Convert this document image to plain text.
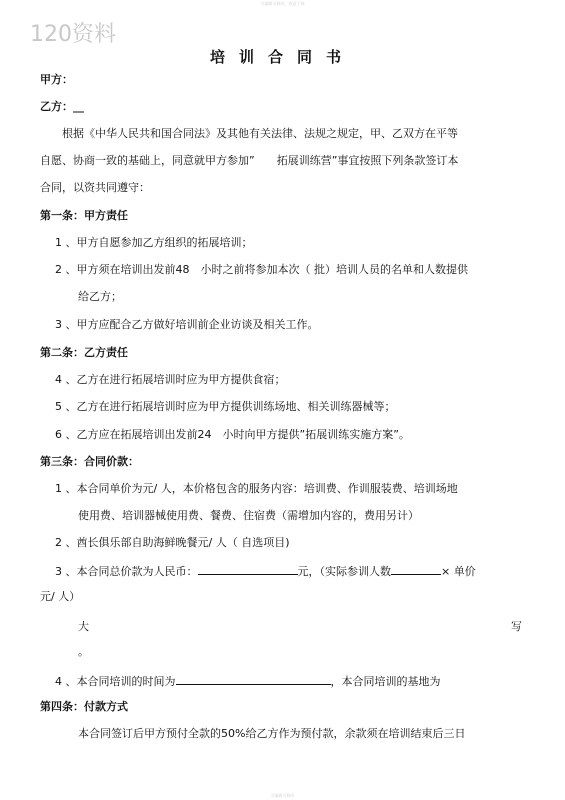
可编辑可修改，欢迎下载
120资料
培训合同书
甲方：
乙方：__
根据《中华人民共和国合同法》及其他有关法律、法规之规定，甲、乙双方在平等
自愿、协商一致的基础上，同意就甲方参加”　　拓展训练营”事宜按照下列条款签订本
合同，以资共同遵守：
第一条：甲方责任
1 、甲方自愿参加乙方组织的拓展培训；
2 、甲方须在培训出发前48　小时之前将参加本次（ 批）培训人员的名单和人数提供
给乙方；
3 、甲方应配合乙方做好培训前企业访谈及相关工作。
第二条：乙方责任
4 、乙方在进行拓展培训时应为甲方提供食宿；
5 、乙方在进行拓展培训时应为甲方提供训练场地、相关训练器械等；
6 、乙方应在拓展培训出发前24　小时向甲方提供”拓展训练实施方案”。
第三条：合同价款：
1 、本合同单价为元/ 人，本价格包含的服务内容：培训费、作训服装费、培训场地
使用费、培训器械使用费、餐费、住宿费（需增加内容的，费用另计）
2 、酋长俱乐部自助海鲜晚餐元/ 人（ 自选项目)
3 、本合同总价款为人民币：	元，（实际参训人数	× 单价
元/ 人）
大	写
。
4 、本合同培训的时间为	，本合同培训的基地为
第四条：付款方式
本合同签订后甲方预付全款的50%给乙方作为预付款，余款须在培训结束后三日
可编辑可修改
